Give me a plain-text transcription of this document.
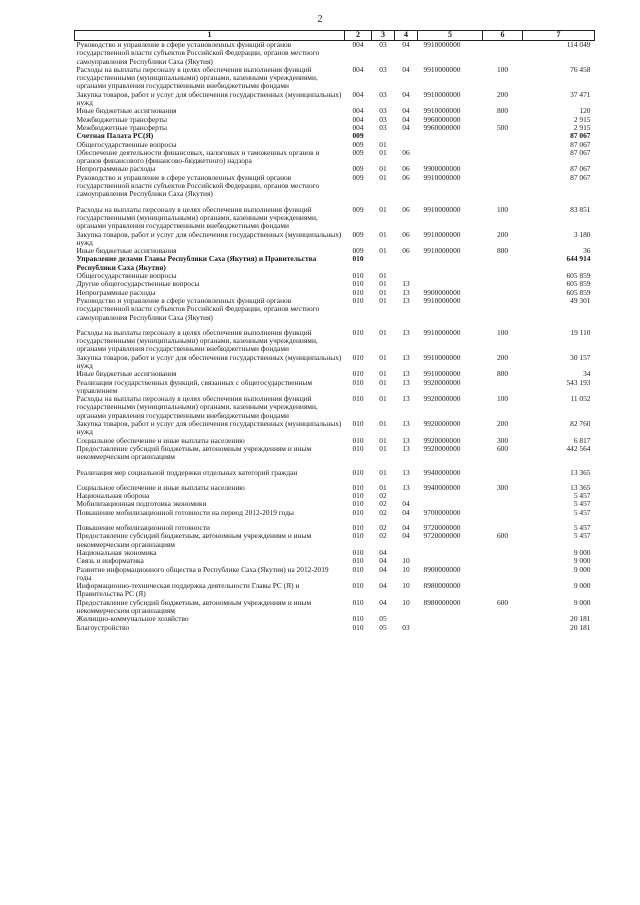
2
1	2	3	4	5	6	7
Руководство и управление в сфере установленных функций органов государственной власти субъектов Российской Федерации, органов местного самоуправления Республики Саха (Якутия)	004	03	04	9910000000		114 049
Расходы на выплаты персоналу в целях обеспечения выполнения функций государственными (муниципальными) органами, казенными учреждениями, органами управления государственными внебюджетными фондами	004	03	04	9910000000	100	76 458
Закупка товаров, работ и услуг для обеспечения государственных (муниципальных) нужд	004	03	04	9910000000	200	37 471
Иные бюджетные ассигнования	004	03	04	9910000000	800	120
Межбюджетные трансферты	004	03	04	9960000000		2 915
Межбюджетные трансферты	004	03	04	9960000000	500	2 915
Счетная Палата РС(Я)	009					87 067
Общегосударственные вопросы	009	01				87 067
Обеспечение деятельности финансовых, налоговых и таможенных органов и органов финансового (финансово-бюджетного) надзора	009	01	06			87 067
Непрограммные расходы	009	01	06	9900000000		87 067
Руководство и управление в сфере установленных функций органов государственной власти субъектов Российской Федерации, органов местного самоуправления Республики Саха (Якутия)	009	01	06	9910000000		87 067
Расходы на выплаты персоналу в целях обеспечения выполнения функций государственными (муниципальными) органами, казенными учреждениями, органами управления государственными внебюджетными фондами	009	01	06	9910000000	100	83 851
Закупка товаров, работ и услуг для обеспечения государственных (муниципальных) нужд	009	01	06	9910000000	200	3 180
Иные бюджетные ассигнования	009	01	06	9910000000	800	36
Управление делами Главы Республики Саха (Якутия) и Правительства Республики Саха (Якутия)	010					644 914
Общегосударственные вопросы	010	01				605 859
Другие общегосударственные вопросы	010	01	13			605 859
Непрограммные расходы	010	01	13	9900000000		605 859
Руководство и управление в сфере установленных функций органов государственной власти субъектов Российской Федерации, органов местного самоуправления Республики Саха (Якутия)	010	01	13	9910000000		49 301
Расходы на выплаты персоналу в целях обеспечения выполнения функций государственными (муниципальными) органами, казенными учреждениями, органами управления государственными внебюджетными фондами	010	01	13	9910000000	100	19 110
Закупка товаров, работ и услуг для обеспечения государственных (муниципальных) нужд	010	01	13	9910000000	200	30 157
Иные бюджетные ассигнования	010	01	13	9910000000	800	34
Реализация государственных функций, связанных с общегосударственным управлением	010	01	13	9920000000		543 193
Расходы на выплаты персоналу в целях обеспечения выполнения функций государственными (муниципальными) органами, казенными учреждениями, органами управления государственными внебюджетными фондами	010	01	13	9920000000	100	11 052
Закупка товаров, работ и услуг для обеспечения государственных (муниципальных) нужд	010	01	13	9920000000	200	82 760
Социальное обеспечение и иные выплаты населению	010	01	13	9920000000	300	6 817
Предоставление субсидий бюджетным, автономным учреждениям и иным некоммерческим организациям	010	01	13	9920000000	600	442 564
Реализация мер социальной поддержки отдельных категорий граждан	010	01	13	9940000000		13 365
Социальное обеспечение и иные выплаты населению	010	01	13	9940000000	300	13 365
Национальная оборона	010	02				5 457
Мобилизационная подготовка экономики	010	02	04			5 457
Повышение мобилизационной готовности на период 2012-2019 годы	010	02	04	9700000000		5 457
Повышение мобилизационной готовности	010	02	04	9720000000		5 457
Предоставление субсидий бюджетным, автономным учреждениям и иным некоммерческим организациям	010	02	04	9720000000	600	5 457
Национальная экономика	010	04				9 000
Связь и информатика	010	04	10			9 000
Развитие информационного общества в Республике Саха (Якутия) на 2012-2019 годы	010	04	10	8900000000		9 000
Информационно-техническая поддержка деятельности Главы РС (Я) и Правительства РС (Я)	010	04	10	8980000000		9 000
Предоставление субсидий бюджетным, автономным учреждениям и иным некоммерческим организациям	010	04	10	8980000000	600	9 000
Жилищно-коммунальное хозяйство	010	05				20 181
Благоустройство	010	05	03			20 181
